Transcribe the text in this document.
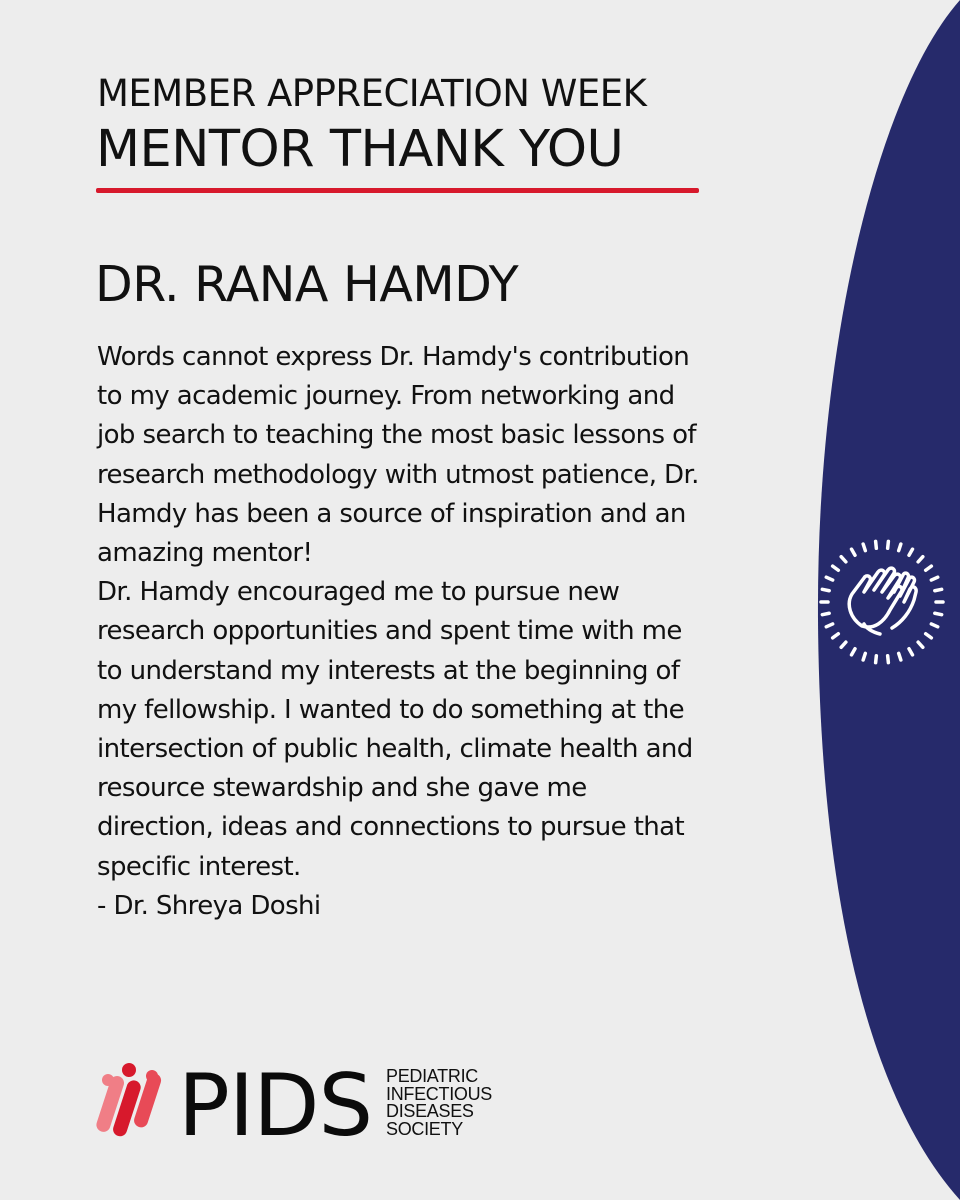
MEMBER APPRECIATION WEEK
MENTOR THANK YOU
DR. RANA HAMDY
Words cannot express Dr. Hamdy's contribution
to my academic journey. From networking and
job search to teaching the most basic lessons of
research methodology with utmost patience, Dr.
Hamdy has been a source of inspiration and an
amazing mentor!
Dr. Hamdy encouraged me to pursue new
research opportunities and spent time with me
to understand my interests at the beginning of
my fellowship. I wanted to do something at the
intersection of public health, climate health and
resource stewardship and she gave me
direction, ideas and connections to pursue that
specific interest.
- Dr. Shreya Doshi
PIDS PEDIATRIC
INFECTIOUS
DISEASES
SOCIETY
